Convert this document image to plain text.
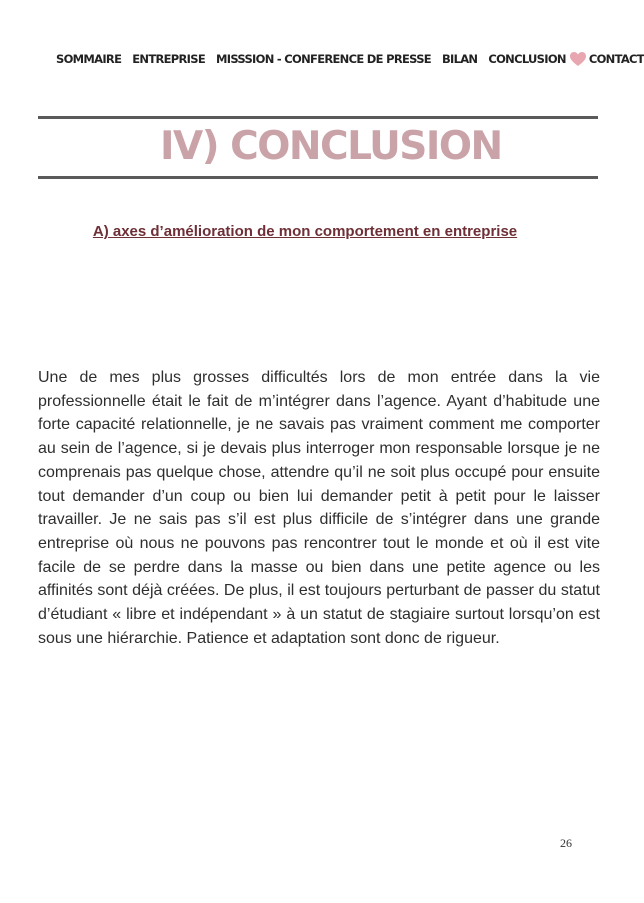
SOMMAIRE ENTREPRISE MISSSION - CONFERENCE DE PRESSE BILAN CONCLUSION CONTACT
IV) CONCLUSION
A) axes d’amélioration de mon comportement en entreprise

Une de mes plus grosses difficultés lors de mon entrée dans la vie professionnelle était le fait de m’intégrer dans l’agence. Ayant d’habitude une forte capacité relationnelle, je ne savais pas vraiment comment me comporter au sein de l’agence, si je devais plus interroger mon responsable lorsque je ne comprenais pas quelque chose, attendre qu’il ne soit plus occupé pour ensuite tout demander d’un coup ou bien lui demander petit à petit pour le laisser travailler. Je ne sais pas s’il est plus difficile de s’intégrer dans une grande entreprise où nous ne pouvons pas rencontrer tout le monde et où il est vite facile de se perdre dans la masse ou bien dans une petite agence ou les affinités sont déjà créées. De plus, il est toujours perturbant de passer du statut d’étudiant « libre et indépendant » à un statut de stagiaire surtout lorsqu’on est sous une hiérarchie. Patience et adaptation sont donc de rigueur.

26
